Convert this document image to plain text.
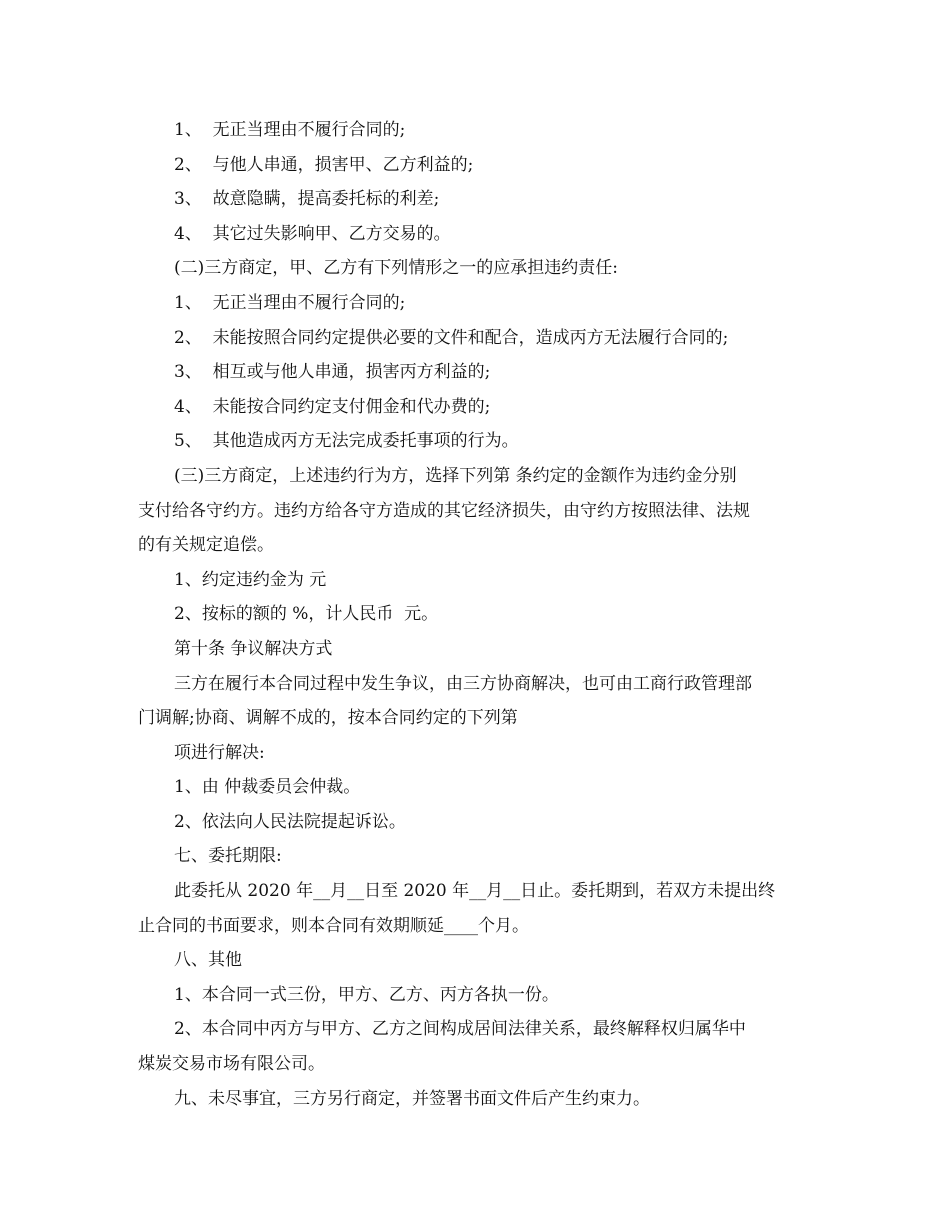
1、  无正当理由不履行合同的;
2、  与他人串通，损害甲、乙方利益的;
3、  故意隐瞒，提高委托标的利差;
4、  其它过失影响甲、乙方交易的。
(二)三方商定，甲、乙方有下列情形之一的应承担违约责任:
1、  无正当理由不履行合同的;
2、  未能按照合同约定提供必要的文件和配合，造成丙方无法履行合同的;
3、  相互或与他人串通，损害丙方利益的;
4、  未能按合同约定支付佣金和代办费的;
5、  其他造成丙方无法完成委托事项的行为。
(三)三方商定，上述违约行为方，选择下列第 条约定的金额作为违约金分别
支付给各守约方。违约方给各守方造成的其它经济损失，由守约方按照法律、法规
的有关规定追偿。
1、约定违约金为 元
2、按标的额的 %，计人民币  元。
第十条 争议解决方式
三方在履行本合同过程中发生争议，由三方协商解决，也可由工商行政管理部
门调解;协商、调解不成的，按本合同约定的下列第
项进行解决:
1、由 仲裁委员会仲裁。
2、依法向人民法院提起诉讼。
七、委托期限:
此委托从 2020 年__月__日至 2020 年__月__日止。委托期到，若双方未提出终
止合同的书面要求，则本合同有效期顺延____个月。
八、其他
1、本合同一式三份，甲方、乙方、丙方各执一份。
2、本合同中丙方与甲方、乙方之间构成居间法律关系，最终解释权归属华中
煤炭交易市场有限公司。
九、未尽事宜，三方另行商定，并签署书面文件后产生约束力。
